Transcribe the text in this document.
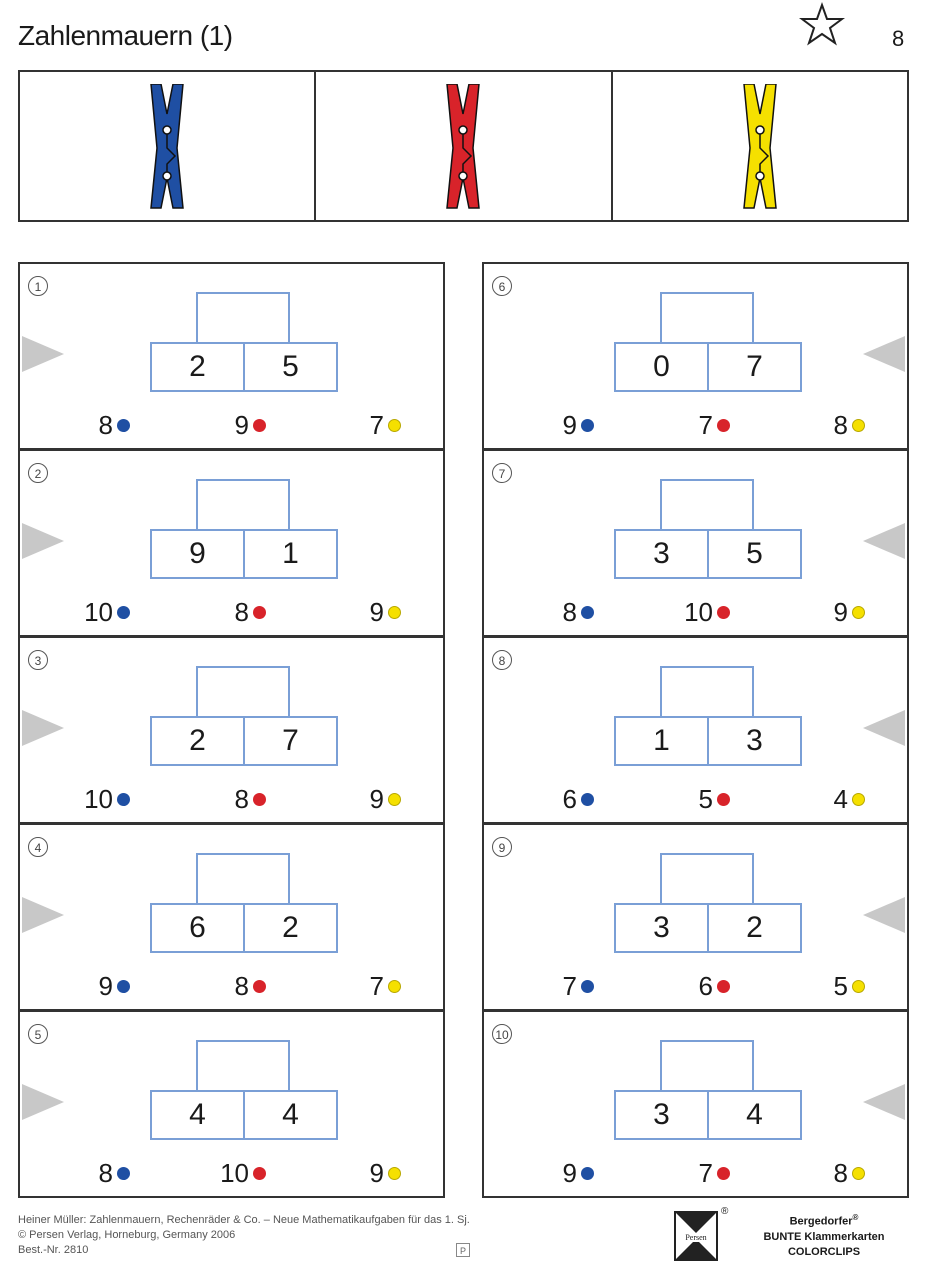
Zahlenmauern (1)	8
1
2	5
8	9	7
2
9	1
10	8	9
3
2	7
10	8	9
4
6	2
9	8	7
5
4	4
8	10	9
6
0	7
9	7	8
7
3	5
8	10	9
8
1	3
6	5	4
9
3	2
7	6	5
10
3	4
9	7	8
Heiner Müller: Zahlenmauern, Rechenräder & Co. – Neue Mathematikaufgaben für das 1. Sj.
© Persen Verlag, Horneburg, Germany 2006
Best.-Nr. 2810	P
Persen
®
Bergedorfer®
BUNTE Klammerkarten
COLORCLIPS
